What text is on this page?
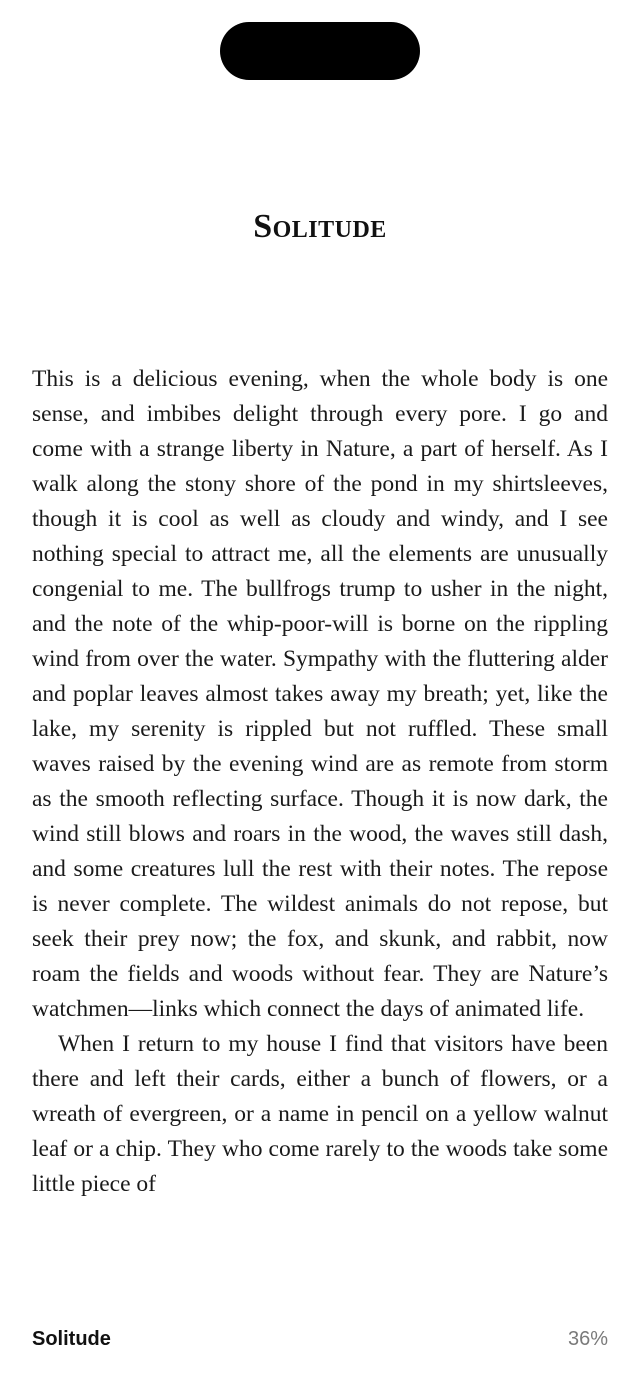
Solitude

This is a delicious evening, when the whole body is one sense, and imbibes delight through every pore. I go and come with a strange liberty in Nature, a part of herself. As I walk along the stony shore of the pond in my shirtsleeves, though it is cool as well as cloudy and windy, and I see nothing special to attract me, all the elements are unusually congenial to me. The bullfrogs trump to usher in the night, and the note of the whip-poor-will is borne on the rippling wind from over the water. Sympathy with the fluttering alder and poplar leaves almost takes away my breath; yet, like the lake, my serenity is rippled but not ruffled. These small waves raised by the evening wind are as remote from storm as the smooth reflecting surface. Though it is now dark, the wind still blows and roars in the wood, the waves still dash, and some creatures lull the rest with their notes. The repose is never complete. The wildest animals do not repose, but seek their prey now; the fox, and skunk, and rabbit, now roam the fields and woods without fear. They are Nature’s watchmen—links which connect the days of animated life.

When I return to my house I find that visitors have been there and left their cards, either a bunch of flowers, or a wreath of evergreen, or a name in pencil on a yellow walnut leaf or a chip. They who come rarely to the woods take some little piece of

Solitude	36%
